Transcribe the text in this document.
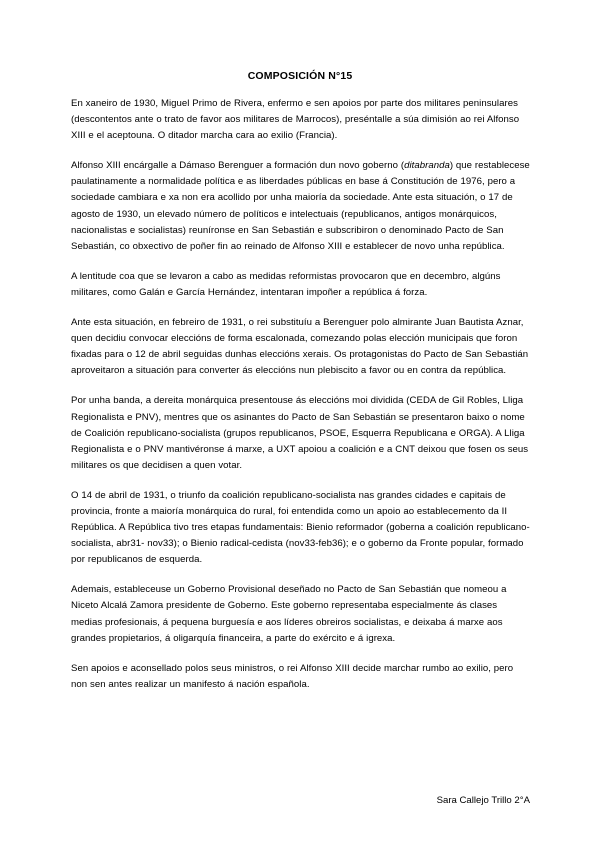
COMPOSICIÓN N°15

En xaneiro de 1930, Miguel Primo de Rivera, enfermo e sen apoios por parte dos militares peninsulares (descontentos ante o trato de favor aos militares de Marrocos), preséntalle a súa dimisión ao rei Alfonso XIII e el aceptouna. O ditador marcha cara ao exilio (Francia).

Alfonso XIII encárgalle a Dámaso Berenguer a formación dun novo goberno (ditabranda) que restablecese paulatinamente a normalidade política e as liberdades públicas en base á Constitución de 1976, pero a sociedade cambiara e xa non era acollido por unha maioría da sociedade. Ante esta situación, o 17 de agosto de 1930, un elevado número de políticos e intelectuais (republicanos, antigos monárquicos, nacionalistas e socialistas) reuníronse en San Sebastián e subscribiron o denominado Pacto de San Sebastián, co obxectivo de poñer fin ao reinado de Alfonso XIII e establecer de novo unha república.

A lentitude coa que se levaron a cabo as medidas reformistas provocaron que en decembro, algúns militares, como Galán e García Hernández, intentaran impoñer a república á forza.

Ante esta situación, en febreiro de 1931, o rei substituíu a Berenguer polo almirante Juan Bautista Aznar, quen decidiu convocar eleccións de forma escalonada, comezando polas elección municipais que foron fixadas para o 12 de abril seguidas dunhas eleccións xerais. Os protagonistas do Pacto de San Sebastián aproveitaron a situación para converter ás eleccións nun plebiscito a favor ou en contra da república.

Por unha banda, a dereita monárquica presentouse ás eleccións moi dividida (CEDA de Gil Robles, Lliga Regionalista e PNV), mentres que os asinantes do Pacto de San Sebastián se presentaron baixo o nome de Coalición republicano-socialista (grupos republicanos, PSOE, Esquerra Republicana e ORGA). A Lliga Regionalista e o PNV mantivéronse á marxe, a UXT apoiou a coalición e a CNT deixou que fosen os seus militares os que decidisen a quen votar.

O 14 de abril de 1931, o triunfo da coalición republicano-socialista nas grandes cidades e capitais de provincia, fronte a maioría monárquica do rural, foi entendida como un apoio ao establecemento da II República. A República tivo tres etapas fundamentais: Bienio reformador (goberna a coalición republicano-socialista, abr31- nov33); o Bienio radical-cedista (nov33-feb36); e o goberno da Fronte popular, formado por republicanos de esquerda.

Ademais, estableceuse un Goberno Provisional deseñado no Pacto de San Sebastián que nomeou a Niceto Alcalá Zamora presidente de Goberno. Este goberno representaba especialmente ás clases medias profesionais, á pequena burguesía e aos líderes obreiros socialistas, e deixaba á marxe aos grandes propietarios, á oligarquía financeira, a parte do exército e á igrexa.

Sen apoios e aconsellado polos seus ministros, o rei Alfonso XIII decide marchar rumbo ao exilio, pero non sen antes realizar un manifesto á nación española.

Sara Callejo Trillo 2°A
